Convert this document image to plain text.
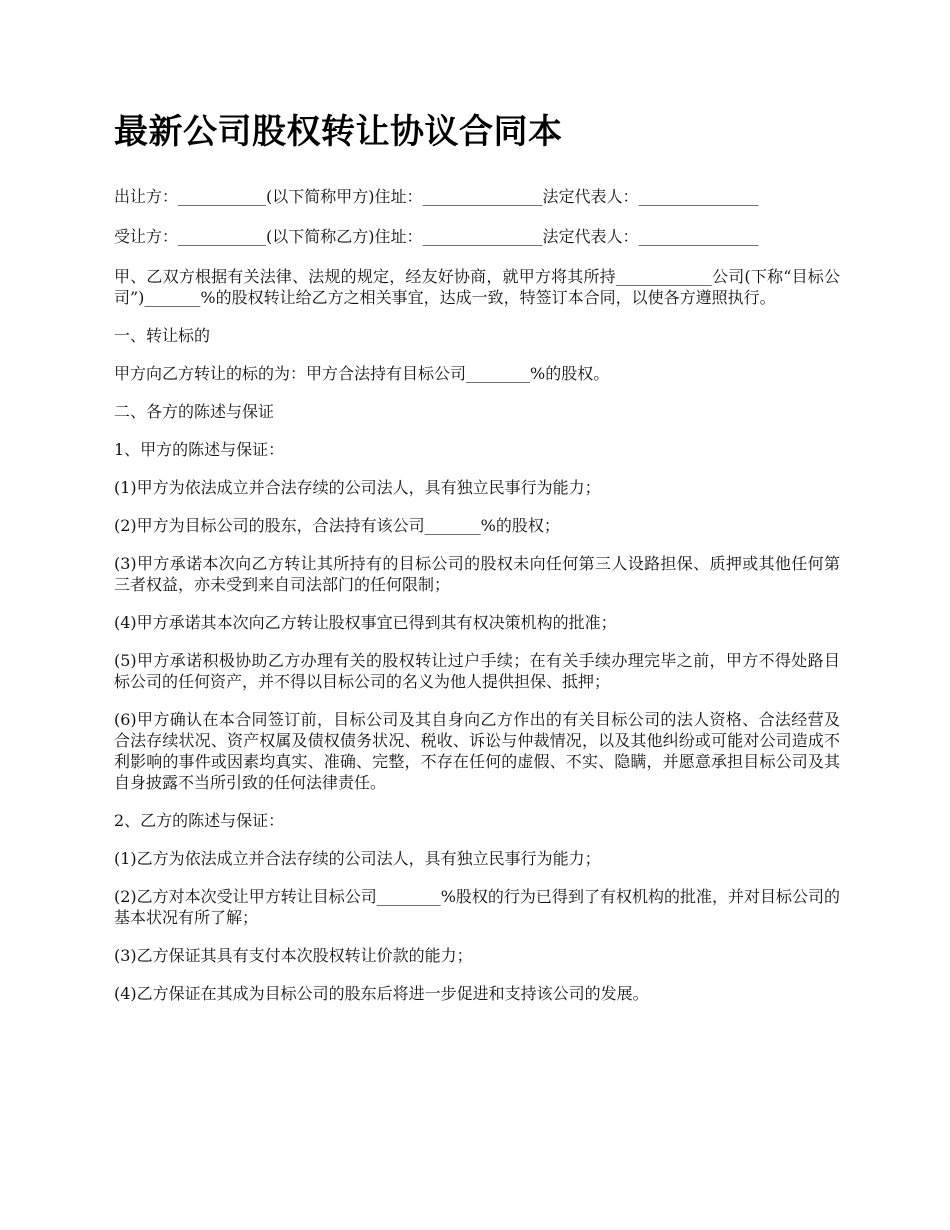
最新公司股权转让协议合同本

出让方：___________(以下简称甲方)住址：_______________法定代表人：_______________

受让方：___________(以下简称乙方)住址：_______________法定代表人：_______________

甲、乙双方根据有关法律、法规的规定，经友好协商，就甲方将其所持____________公司(下称“目标公司”)_______%的股权转让给乙方之相关事宜，达成一致，特签订本合同，以使各方遵照执行。

一、转让标的

甲方向乙方转让的标的为：甲方合法持有目标公司________%的股权。

二、各方的陈述与保证

1、甲方的陈述与保证：

(1)甲方为依法成立并合法存续的公司法人，具有独立民事行为能力；

(2)甲方为目标公司的股东，合法持有该公司_______%的股权；

(3)甲方承诺本次向乙方转让其所持有的目标公司的股权未向任何第三人设路担保、质押或其他任何第三者权益，亦未受到来自司法部门的任何限制；

(4)甲方承诺其本次向乙方转让股权事宜已得到其有权决策机构的批准；

(5)甲方承诺积极协助乙方办理有关的股权转让过户手续；在有关手续办理完毕之前，甲方不得处路目标公司的任何资产，并不得以目标公司的名义为他人提供担保、抵押；

(6)甲方确认在本合同签订前，目标公司及其自身向乙方作出的有关目标公司的法人资格、合法经营及合法存续状况、资产权属及债权债务状况、税收、诉讼与仲裁情况，以及其他纠纷或可能对公司造成不利影响的事件或因素均真实、准确、完整，不存在任何的虚假、不实、隐瞒，并愿意承担目标公司及其自身披露不当所引致的任何法律责任。

2、乙方的陈述与保证：

(1)乙方为依法成立并合法存续的公司法人，具有独立民事行为能力；

(2)乙方对本次受让甲方转让目标公司________%股权的行为已得到了有权机构的批准，并对目标公司的基本状况有所了解；

(3)乙方保证其具有支付本次股权转让价款的能力；

(4)乙方保证在其成为目标公司的股东后将进一步促进和支持该公司的发展。
